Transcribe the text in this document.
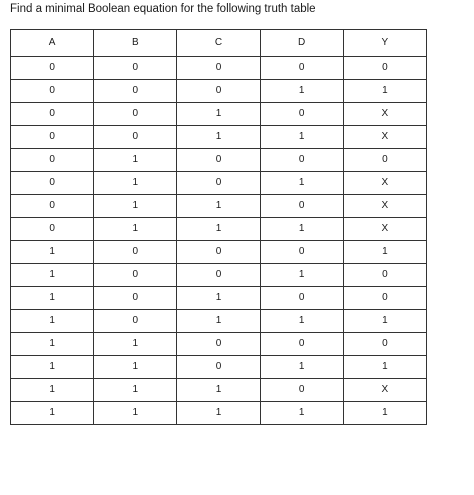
Find a minimal Boolean equation for the following truth table
A	B	C	D	Y
0	0	0	0	0
0	0	0	1	1
0	0	1	0	X
0	0	1	1	X
0	1	0	0	0
0	1	0	1	X
0	1	1	0	X
0	1	1	1	X
1	0	0	0	1
1	0	0	1	0
1	0	1	0	0
1	0	1	1	1
1	1	0	0	0
1	1	0	1	1
1	1	1	0	X
1	1	1	1	1
